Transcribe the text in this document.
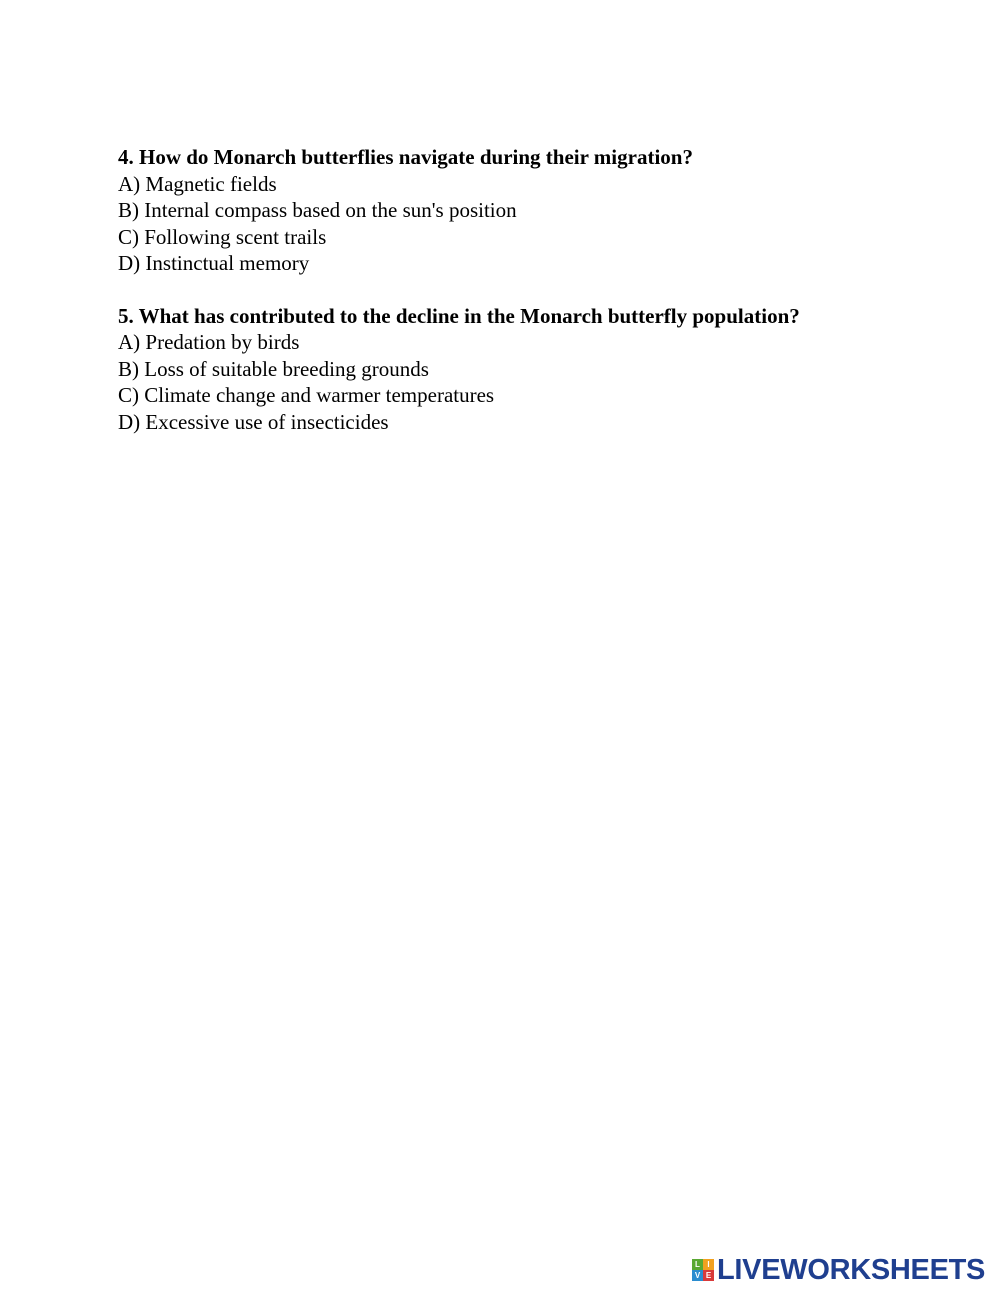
4. How do Monarch butterflies navigate during their migration?
A) Magnetic fields
B) Internal compass based on the sun's position
C) Following scent trails
D) Instinctual memory
5. What has contributed to the decline in the Monarch butterfly population?
A) Predation by birds
B) Loss of suitable breeding grounds
C) Climate change and warmer temperatures
D) Excessive use of insecticides
L I
V E LIVEWORKSHEETS
